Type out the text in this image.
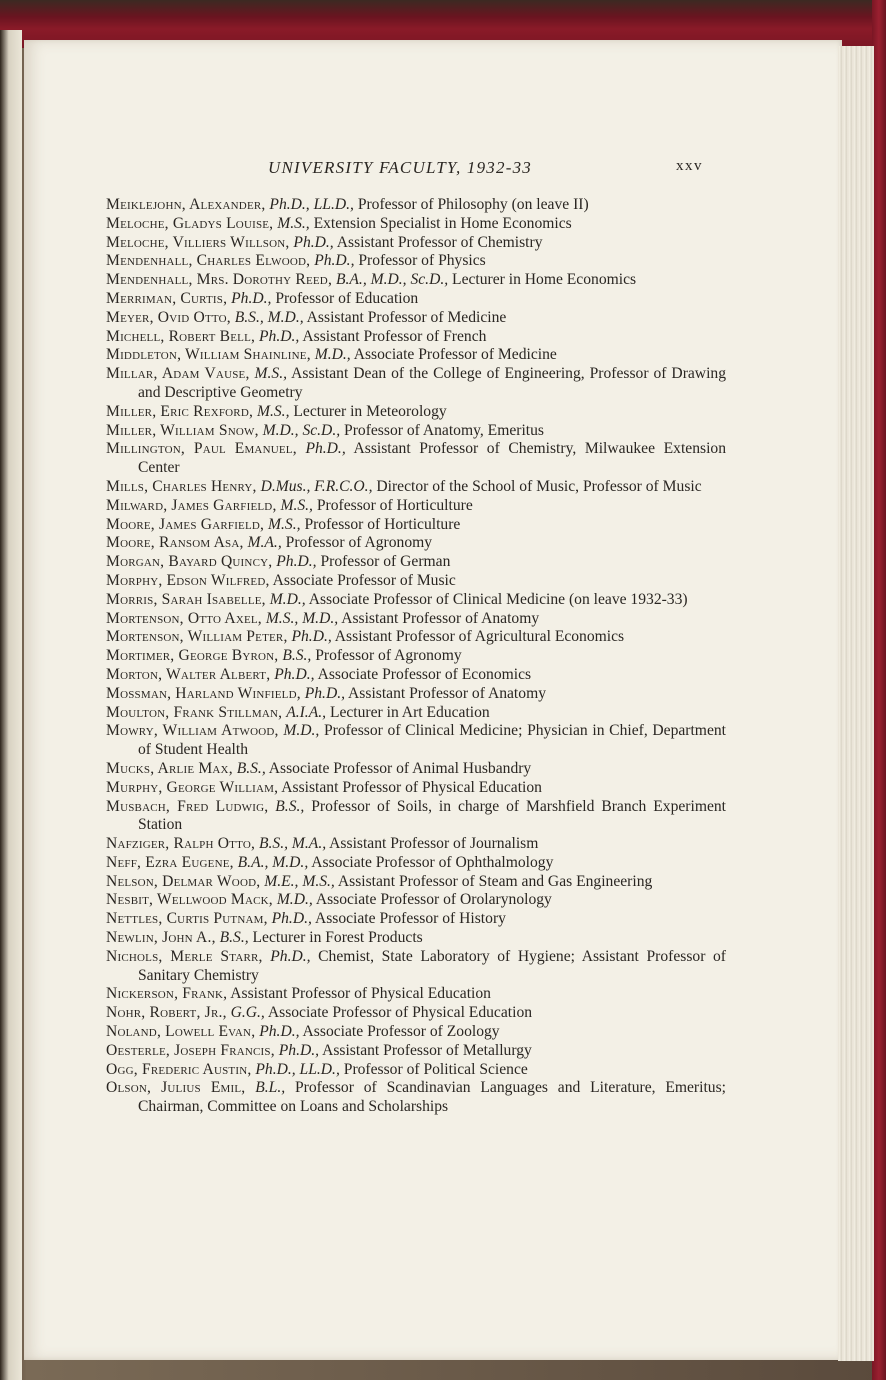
UNIVERSITY FACULTY, 1932-33	xxv

Meiklejohn, Alexander, Ph.D., LL.D., Professor of Philosophy (on leave II)

Meloche, Gladys Louise, M.S., Extension Specialist in Home Economics

Meloche, Villiers Willson, Ph.D., Assistant Professor of Chemistry

Mendenhall, Charles Elwood, Ph.D., Professor of Physics

Mendenhall, Mrs. Dorothy Reed, B.A., M.D., Sc.D., Lecturer in Home Economics

Merriman, Curtis, Ph.D., Professor of Education

Meyer, Ovid Otto, B.S., M.D., Assistant Professor of Medicine

Michell, Robert Bell, Ph.D., Assistant Professor of French

Middleton, William Shainline, M.D., Associate Professor of Medicine

Millar, Adam Vause, M.S., Assistant Dean of the College of Engineering, Professor of Drawing and Descriptive Geometry

Miller, Eric Rexford, M.S., Lecturer in Meteorology

Miller, William Snow, M.D., Sc.D., Professor of Anatomy, Emeritus

Millington, Paul Emanuel, Ph.D., Assistant Professor of Chemistry, Milwaukee Extension Center

Mills, Charles Henry, D.Mus., F.R.C.O., Director of the School of Music, Professor of Music

Milward, James Garfield, M.S., Professor of Horticulture

Moore, James Garfield, M.S., Professor of Horticulture

Moore, Ransom Asa, M.A., Professor of Agronomy

Morgan, Bayard Quincy, Ph.D., Professor of German

Morphy, Edson Wilfred, Associate Professor of Music

Morris, Sarah Isabelle, M.D., Associate Professor of Clinical Medicine (on leave 1932-33)

Mortenson, Otto Axel, M.S., M.D., Assistant Professor of Anatomy

Mortenson, William Peter, Ph.D., Assistant Professor of Agricultural Economics

Mortimer, George Byron, B.S., Professor of Agronomy

Morton, Walter Albert, Ph.D., Associate Professor of Economics

Mossman, Harland Winfield, Ph.D., Assistant Professor of Anatomy

Moulton, Frank Stillman, A.I.A., Lecturer in Art Education

Mowry, William Atwood, M.D., Professor of Clinical Medicine; Physician in Chief, Department of Student Health

Mucks, Arlie Max, B.S., Associate Professor of Animal Husbandry

Murphy, George William, Assistant Professor of Physical Education

Musbach, Fred Ludwig, B.S., Professor of Soils, in charge of Marshfield Branch Experiment Station

Nafziger, Ralph Otto, B.S., M.A., Assistant Professor of Journalism

Neff, Ezra Eugene, B.A., M.D., Associate Professor of Ophthalmology

Nelson, Delmar Wood, M.E., M.S., Assistant Professor of Steam and Gas Engineering

Nesbit, Wellwood Mack, M.D., Associate Professor of Orolarynology

Nettles, Curtis Putnam, Ph.D., Associate Professor of History

Newlin, John A., B.S., Lecturer in Forest Products

Nichols, Merle Starr, Ph.D., Chemist, State Laboratory of Hygiene; Assistant Professor of Sanitary Chemistry

Nickerson, Frank, Assistant Professor of Physical Education

Nohr, Robert, Jr., G.G., Associate Professor of Physical Education

Noland, Lowell Evan, Ph.D., Associate Professor of Zoology

Oesterle, Joseph Francis, Ph.D., Assistant Professor of Metallurgy

Ogg, Frederic Austin, Ph.D., LL.D., Professor of Political Science

Olson, Julius Emil, B.L., Professor of Scandinavian Languages and Literature, Emeritus; Chairman, Committee on Loans and Scholarships
